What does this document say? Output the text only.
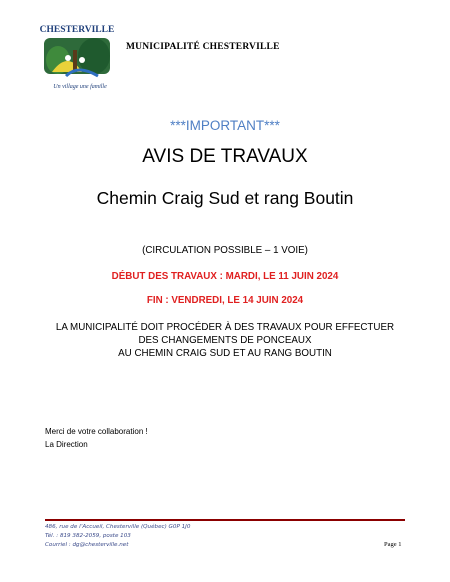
CHESTERVILLE
Un village une famille
MUNICIPALITÉ CHESTERVILLE
***IMPORTANT***
AVIS DE TRAVAUX
Chemin Craig Sud et rang Boutin
(CIRCULATION POSSIBLE – 1 VOIE)
DÉBUT DES TRAVAUX : MARDI, LE 11 JUIN 2024
FIN : VENDREDI, LE 14 JUIN 2024
LA MUNICIPALITÉ DOIT PROCÉDER À DES TRAVAUX POUR EFFECTUER
DES CHANGEMENTS DE PONCEAUX
AU CHEMIN CRAIG SUD ET AU RANG BOUTIN
Merci de votre collaboration !
La Direction
486, rue de l’Accueil, Chesterville (Québec) G0P 1J0
Tél. : 819 382-2059, poste 103
Courriel : dg@chesterville.net	Page 1
